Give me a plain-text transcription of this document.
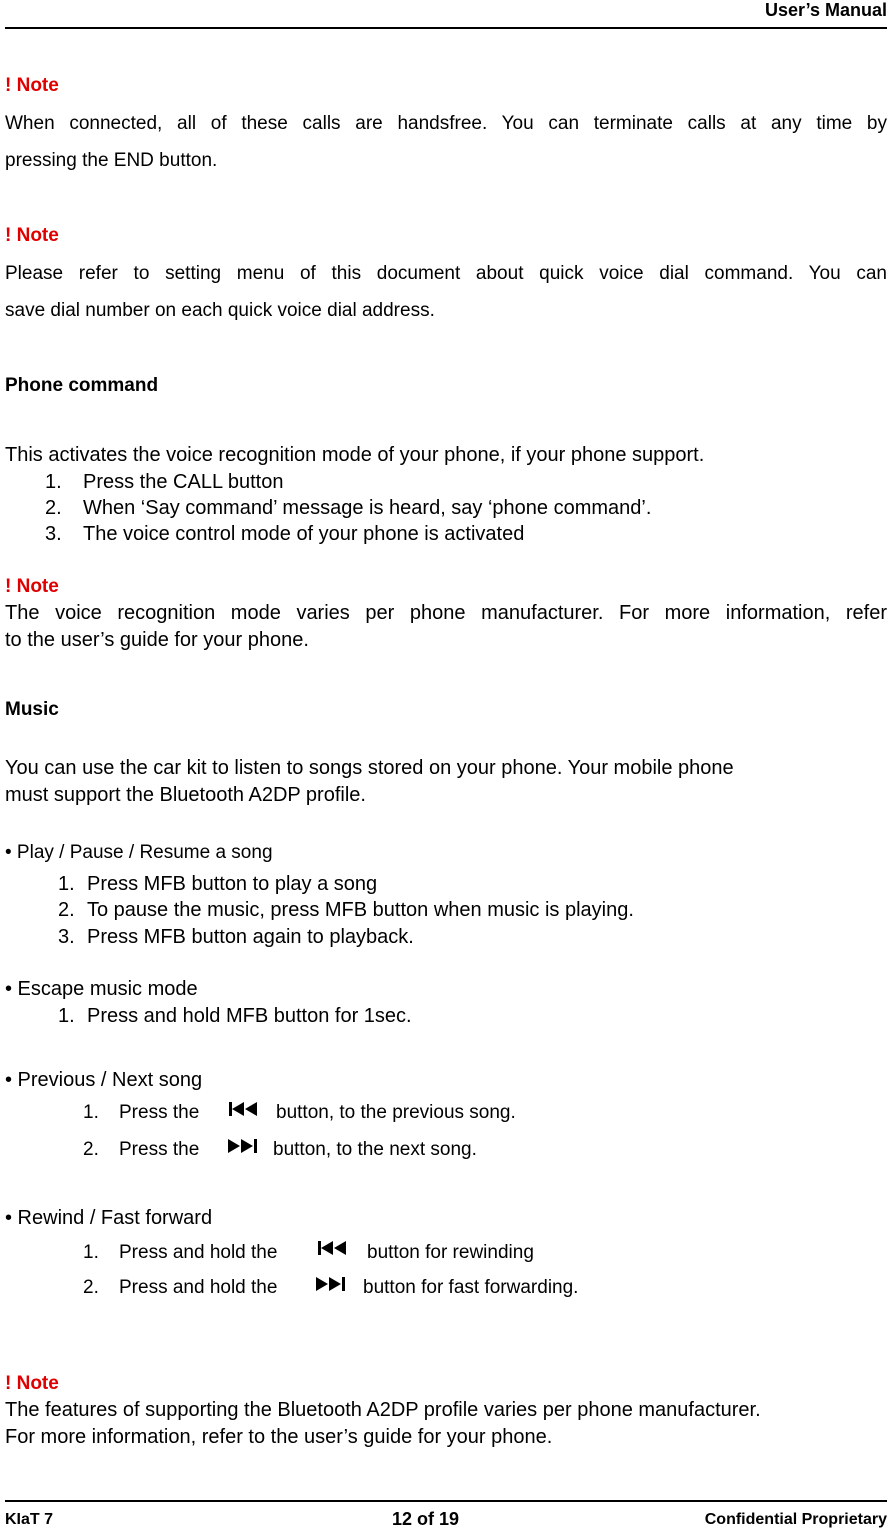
User’s Manual
! Note
When connected, all of these calls are handsfree. You can terminate calls at any time by
pressing the END button.
! Note
Please refer to setting menu of this document about quick voice dial command. You can
save dial number on each quick voice dial address.
Phone command
This activates the voice recognition mode of your phone, if your phone support.
1. Press the CALL button
2. When ‘Say command’ message is heard, say ‘phone command’.
3. The voice control mode of your phone is activated
! Note
The voice recognition mode varies per phone manufacturer. For more information, refer
to the user’s guide for your phone.
Music
You can use the car kit to listen to songs stored on your phone. Your mobile phone
must support the Bluetooth A2DP profile.
• Play / Pause / Resume a song
1. Press MFB button to play a song
2. To pause the music, press MFB button when music is playing.
3. Press MFB button again to playback.
• Escape music mode
1. Press and hold MFB button for 1sec.
• Previous / Next song
1. Press the	button, to the previous song.
2. Press the	button, to the next song.
• Rewind / Fast forward
1. Press and hold the	button for rewinding
2. Press and hold the	button for fast forwarding.
! Note
The features of supporting the Bluetooth A2DP profile varies per phone manufacturer.
For more information, refer to the user’s guide for your phone.
KIaT 7	12 of 19	Confidential Proprietary
